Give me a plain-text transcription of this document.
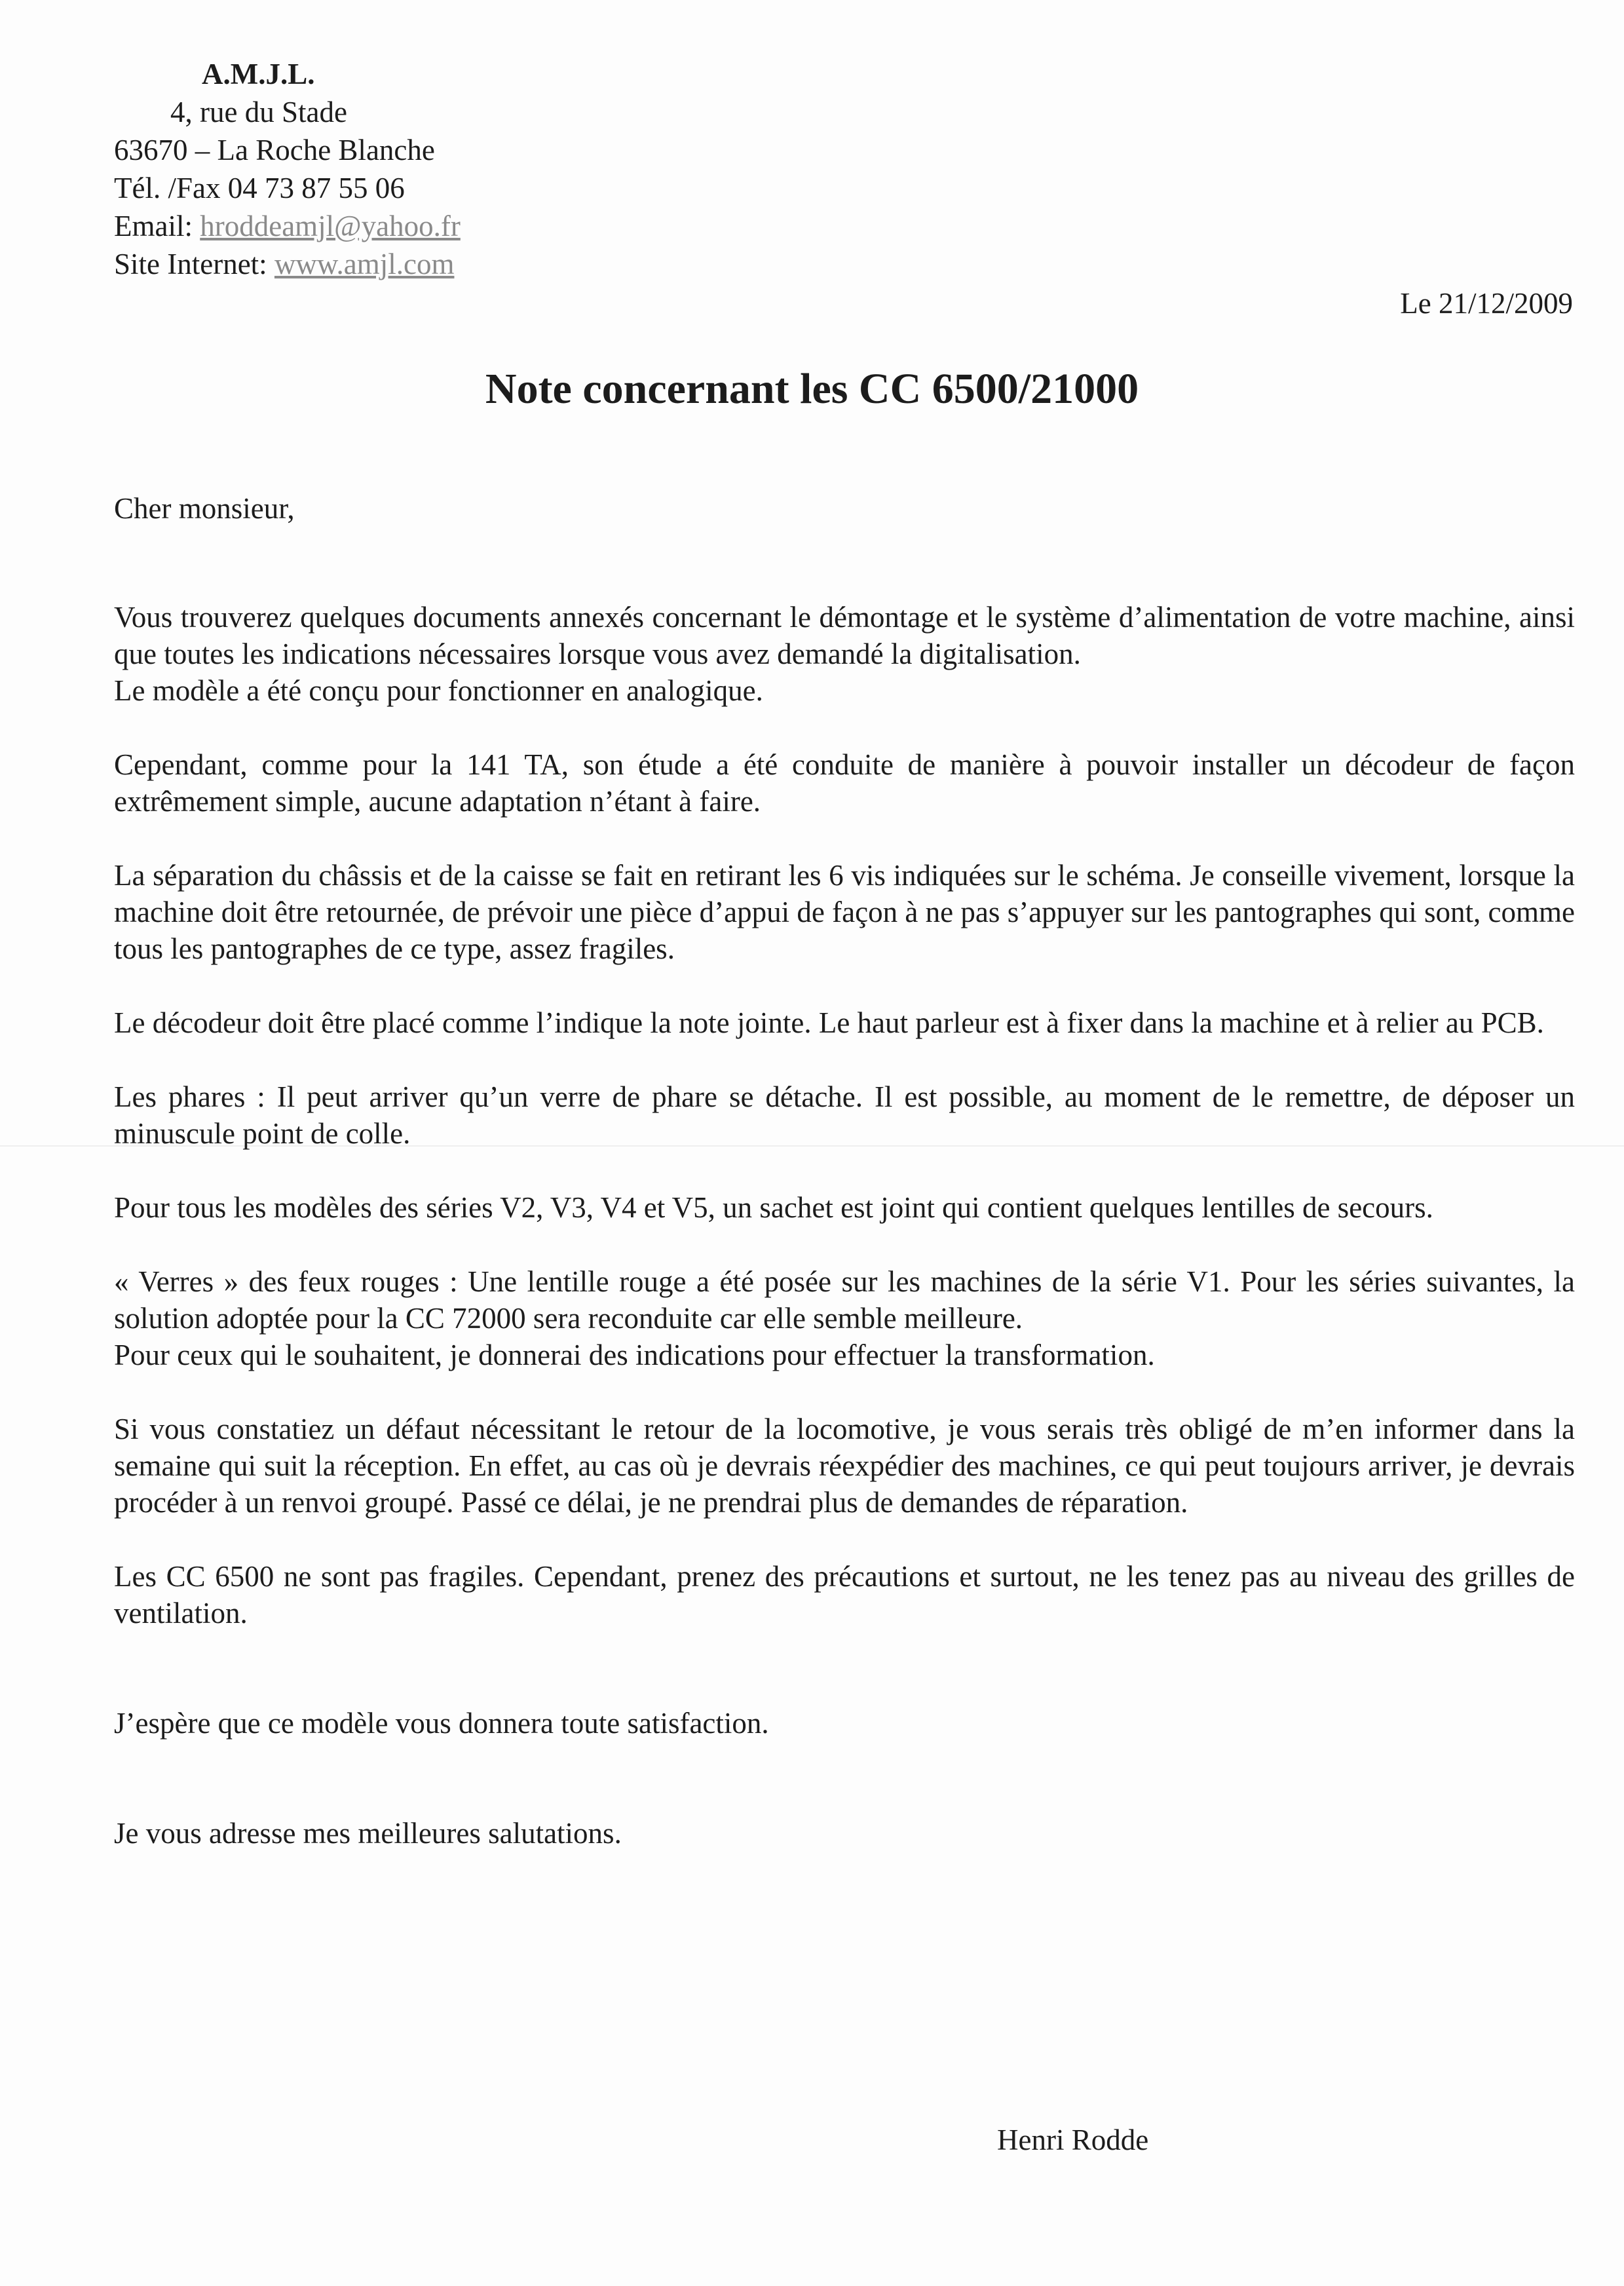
A.M.J.L.
4, rue du Stade
63670 – La Roche Blanche
Tél. /Fax 04 73 87 55 06
Email: hroddeamjl@yahoo.fr
Site Internet: www.amjl.com
Le 21/12/2009
Note concernant les CC 6500/21000

Cher monsieur,

Vous trouverez quelques documents annexés concernant le démontage et le système d’alimentation de votre machine, ainsi que toutes les indications nécessaires lorsque vous avez demandé la digitalisation.

Le modèle a été conçu pour fonctionner en analogique.

Cependant, comme pour la 141 TA, son étude a été conduite de manière à pouvoir installer un décodeur de façon extrêmement simple, aucune adaptation n’étant à faire.

La séparation du châssis et de la caisse se fait en retirant les 6 vis indiquées sur le schéma. Je conseille vivement, lorsque la machine doit être retournée, de prévoir une pièce d’appui de façon à ne pas s’appuyer sur les pantographes qui sont, comme tous les pantographes de ce type, assez fragiles.

Le décodeur doit être placé comme l’indique la note jointe. Le haut parleur est à fixer dans la machine et à relier au PCB.

Les phares : Il peut arriver qu’un verre de phare se détache. Il est possible, au moment de le remettre, de déposer un minuscule point de colle.

Pour tous les modèles des séries V2, V3, V4 et V5, un sachet est joint qui contient quelques lentilles de secours.

« Verres » des feux rouges : Une lentille rouge a été posée sur les machines de la série V1. Pour les séries suivantes, la solution adoptée pour la CC 72000 sera reconduite car elle semble meilleure.

Pour ceux qui le souhaitent, je donnerai des indications pour effectuer la transformation.

Si vous constatiez un défaut nécessitant le retour de la locomotive, je vous serais très obligé de m’en informer dans la semaine qui suit la réception. En effet, au cas où je devrais réexpédier des machines, ce qui peut toujours arriver, je devrais procéder à un renvoi groupé. Passé ce délai, je ne prendrai plus de demandes de réparation.

Les CC 6500 ne sont pas fragiles. Cependant, prenez des précautions et surtout, ne les tenez pas au niveau des grilles de ventilation.

J’espère que ce modèle vous donnera toute satisfaction.

Je vous adresse mes meilleures salutations.

Henri Rodde
